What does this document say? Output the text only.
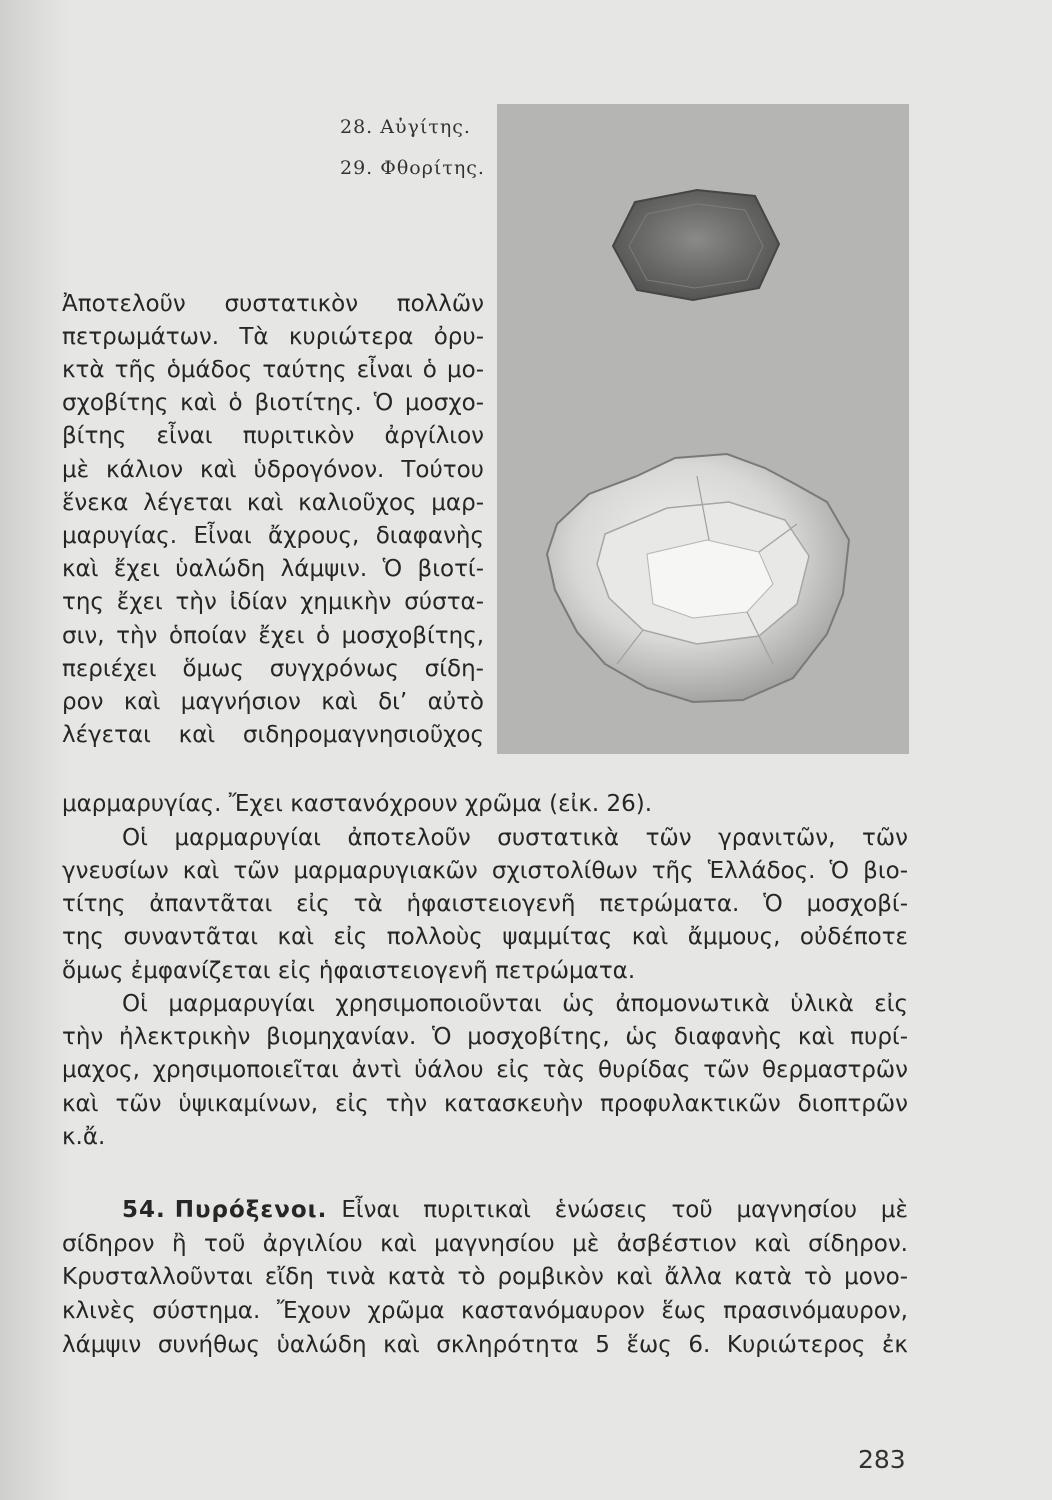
28. Αὐγίτης.
29. Φθορίτης.
Ἀποτελοῦν συστατικὸν πολλῶν
πετρωμάτων. Τὰ κυριώτερα ὀρυ-
κτὰ τῆς ὁμάδος ταύτης εἶναι ὁ μο-
σχοβίτης καὶ ὁ βιοτίτης. Ὁ μοσχο-
βίτης εἶναι πυριτικὸν ἀργίλιον
μὲ κάλιον καὶ ὑδρογόνον. Τούτου
ἕνεκα λέγεται καὶ καλιοῦχος μαρ-
μαρυγίας. Εἶναι ἄχρους, διαφανὴς
καὶ ἔχει ὑαλώδη λάμψιν. Ὁ βιοτί-
της ἔχει τὴν ἰδίαν χημικὴν σύστα-
σιν, τὴν ὁποίαν ἔχει ὁ μοσχοβίτης,
περιέχει ὅμως συγχρόνως σίδη-
ρον καὶ μαγνήσιον καὶ δι’ αὐτὸ
λέγεται καὶ σιδηρομαγνησιοῦχος
μαρμαρυγίας. Ἔχει καστανόχρουν χρῶμα (εἰκ. 26).
Οἱ μαρμαρυγίαι ἀποτελοῦν συστατικὰ τῶν γρανιτῶν, τῶν
γνευσίων καὶ τῶν μαρμαρυγιακῶν σχιστολίθων τῆς Ἑλλάδος. Ὁ βιο-
τίτης ἀπαντᾶται εἰς τὰ ἡφαιστειογενῆ πετρώματα. Ὁ μοσχοβί-
της συναντᾶται καὶ εἰς πολλοὺς ψαμμίτας καὶ ἄμμους, οὐδέποτε
ὅμως ἐμφανίζεται εἰς ἡφαιστειογενῆ πετρώματα.
Οἱ μαρμαρυγίαι χρησιμοποιοῦνται ὡς ἀπομονωτικὰ ὑλικὰ εἰς
τὴν ἠλεκτρικὴν βιομηχανίαν. Ὁ μοσχοβίτης, ὡς διαφανὴς καὶ πυρί-
μαχος, χρησιμοποιεῖται ἀντὶ ὑάλου εἰς τὰς θυρίδας τῶν θερμαστρῶν
καὶ τῶν ὑψικαμίνων, εἰς τὴν κατασκευὴν προφυλακτικῶν διοπτρῶν
κ.ἄ.
54. Πυρόξενοι. Εἶναι πυριτικαὶ ἑνώσεις τοῦ μαγνησίου μὲ
σίδηρον ἢ τοῦ ἀργιλίου καὶ μαγνησίου μὲ ἀσβέστιον καὶ σίδηρον.
Κρυσταλλοῦνται εἴδη τινὰ κατὰ τὸ ρομβικὸν καὶ ἄλλα κατὰ τὸ μονο-
κλινὲς σύστημα. Ἔχουν χρῶμα καστανόμαυρον ἕως πρασινόμαυρον,
λάμψιν συνήθως ὑαλώδη καὶ σκληρότητα 5 ἕως 6. Κυριώτερος ἐκ
283
